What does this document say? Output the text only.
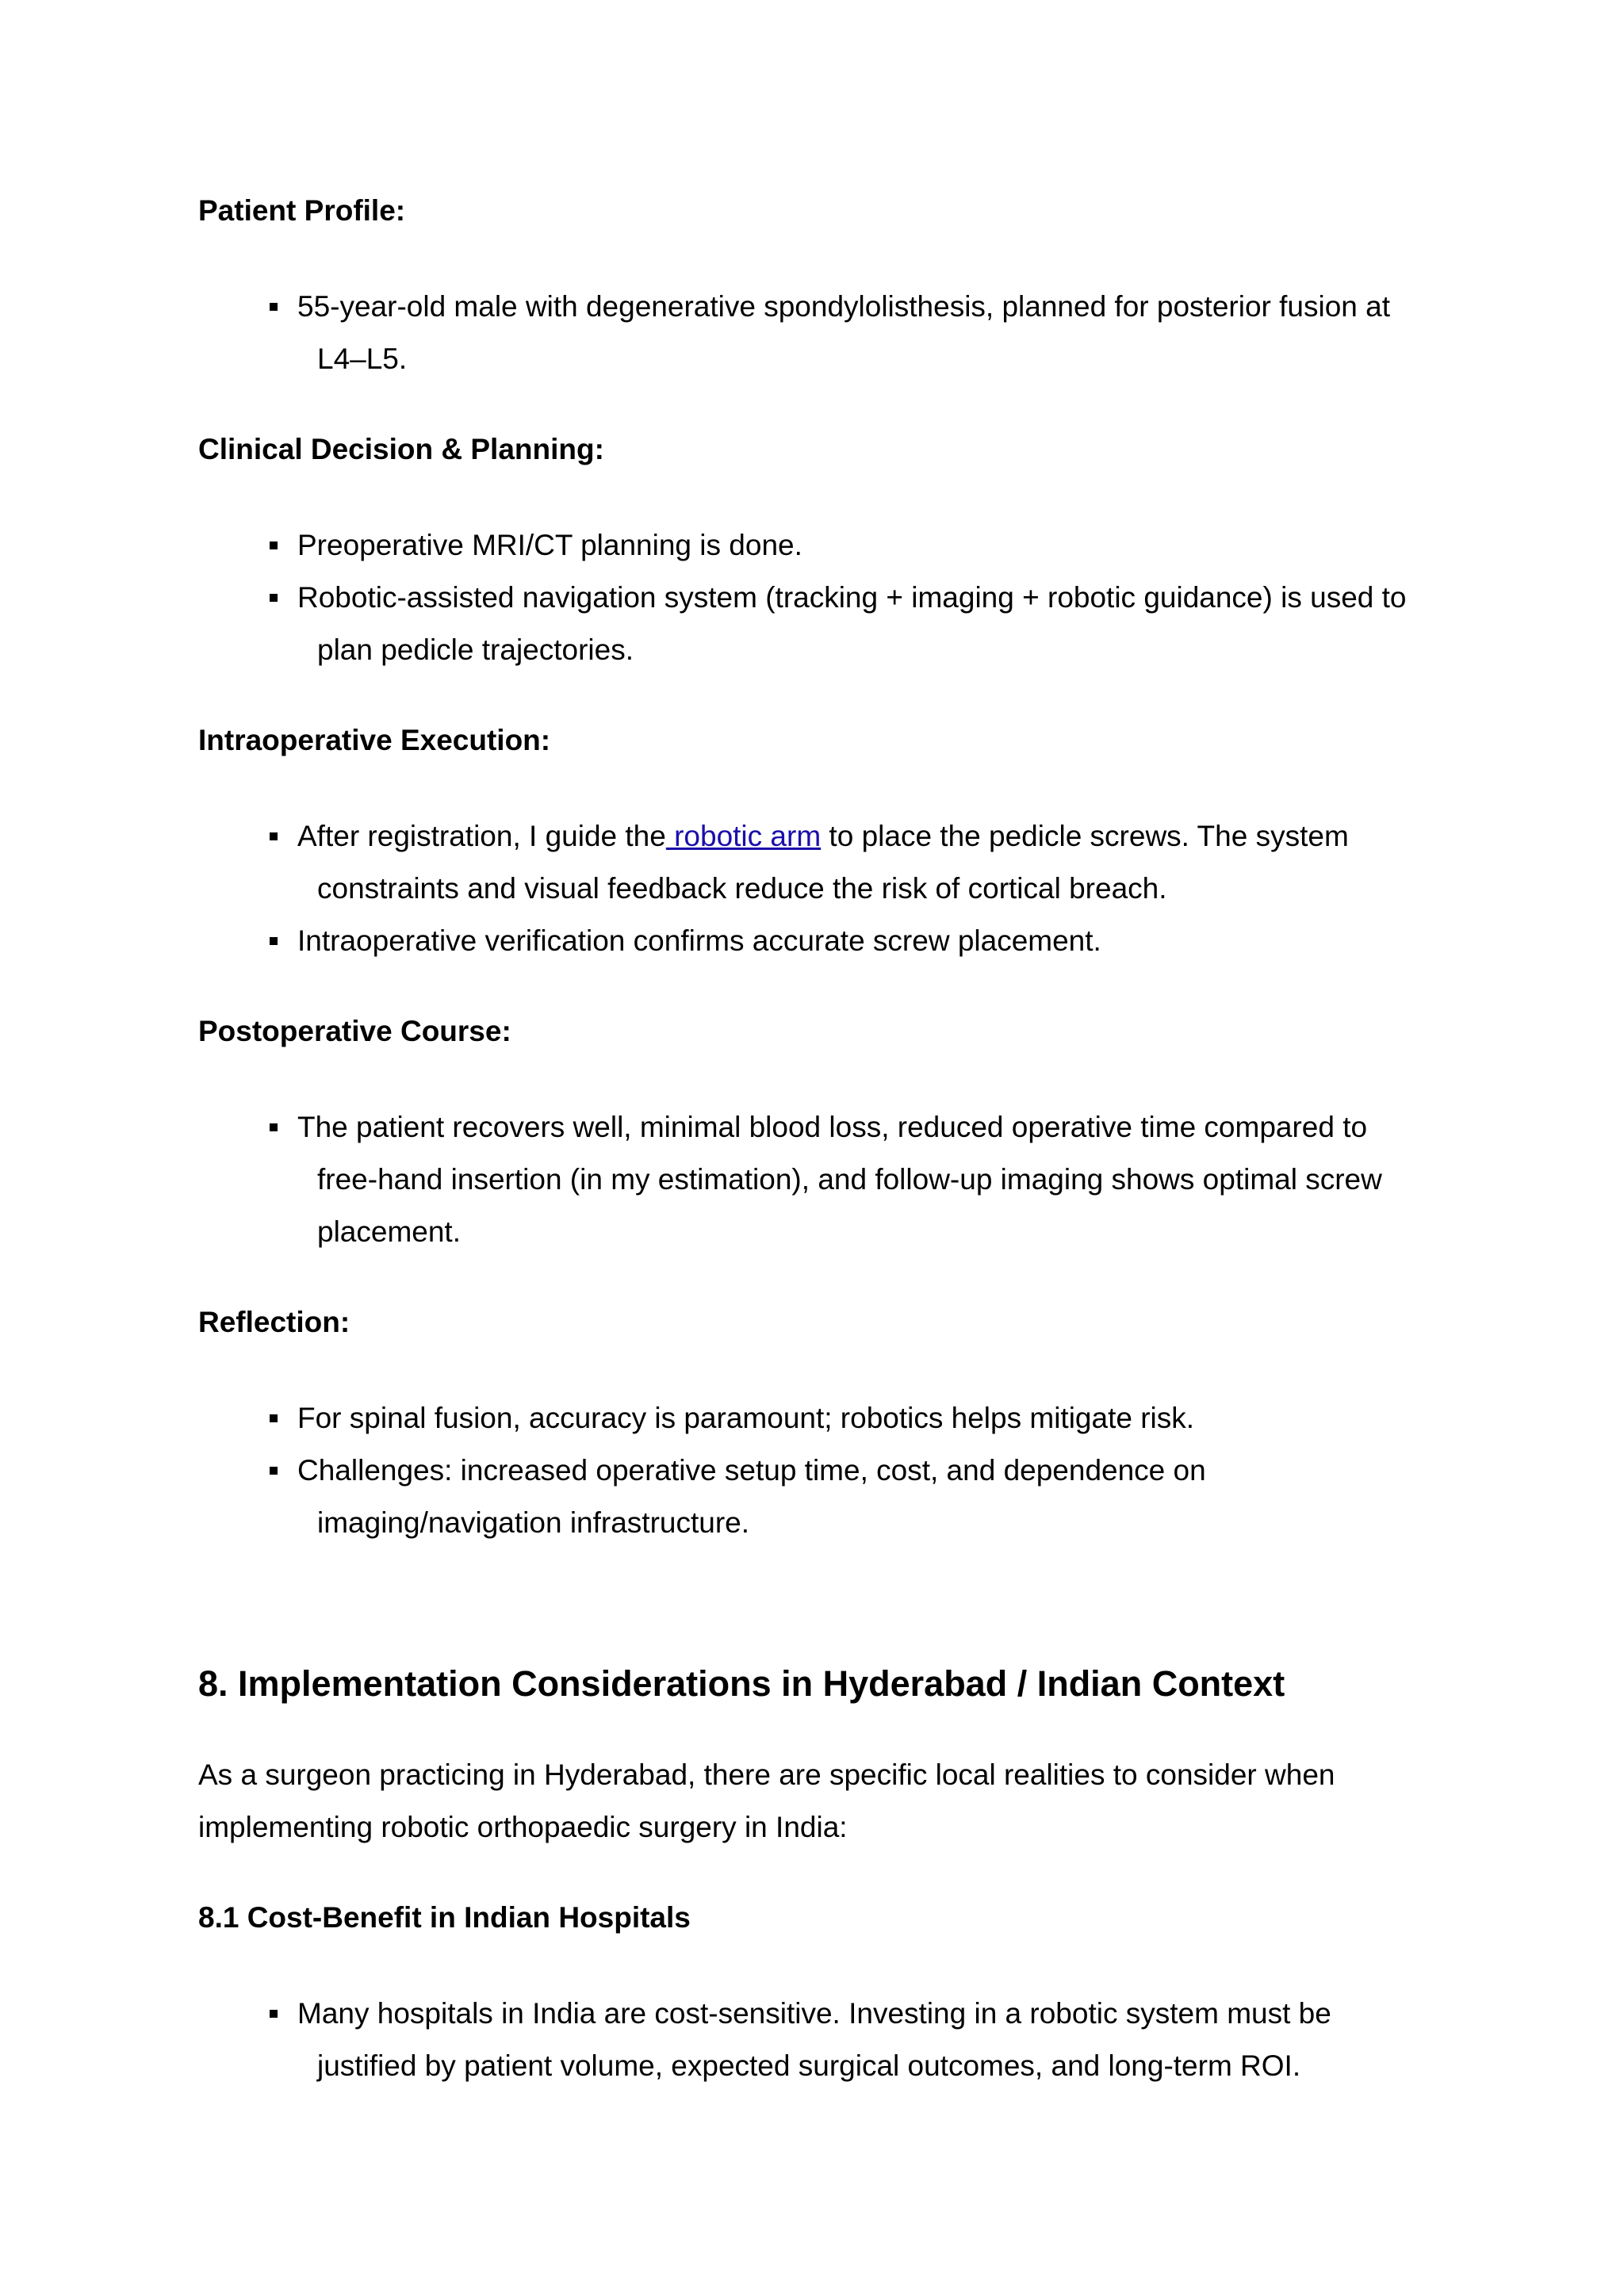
Patient Profile:

55-year-old male with degenerative spondylolisthesis, planned for posterior fusion at L4–L5.

Clinical Decision & Planning:

Preoperative MRI/CT planning is done.
Robotic-assisted navigation system (tracking + imaging + robotic guidance) is used to plan pedicle trajectories.

Intraoperative Execution:

After registration, I guide the robotic arm to place the pedicle screws. The system constraints and visual feedback reduce the risk of cortical breach.
Intraoperative verification confirms accurate screw placement.

Postoperative Course:

The patient recovers well, minimal blood loss, reduced operative time compared to free-hand insertion (in my estimation), and follow-up imaging shows optimal screw placement.

Reflection:

For spinal fusion, accuracy is paramount; robotics helps mitigate risk.
Challenges: increased operative setup time, cost, and dependence on imaging/navigation infrastructure.
8. Implementation Considerations in Hyderabad / Indian Context

As a surgeon practicing in Hyderabad, there are specific local realities to consider when implementing robotic orthopaedic surgery in India:

8.1 Cost-Benefit in Indian Hospitals

Many hospitals in India are cost-sensitive. Investing in a robotic system must be justified by patient volume, expected surgical outcomes, and long-term ROI.
